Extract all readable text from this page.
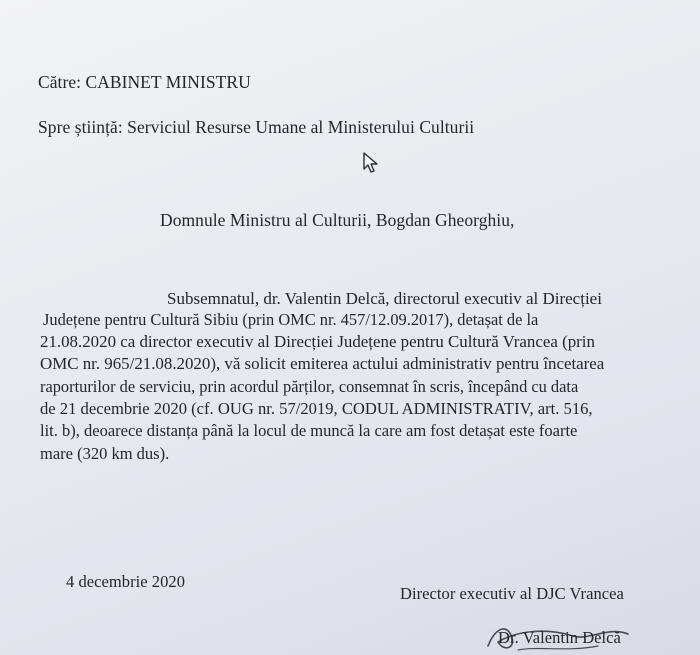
Către: CABINET MINISTRU
Spre știință: Serviciul Resurse Umane al Ministerului Culturii
Domnule Ministru al Culturii, Bogdan Gheorghiu,
Subsemnatul, dr. Valentin Delcă, directorul executiv al Direcției
Județene pentru Cultură Sibiu (prin OMC nr. 457/12.09.2017), detașat de la
21.08.2020 ca director executiv al Direcției Județene pentru Cultură Vrancea (prin
OMC nr. 965/21.08.2020), vă solicit emiterea actului administrativ pentru încetarea
raporturilor de serviciu, prin acordul părților, consemnat în scris, începând cu data
de 21 decembrie 2020 (cf. OUG nr. 57/2019, CODUL ADMINISTRATIV, art. 516,
lit. b), deoarece distanța până la locul de muncă la care am fost detașat este foarte
mare (320 km dus).
4 decembrie 2020
Director executiv al DJC Vrancea
Dr. Valentin Delcă
